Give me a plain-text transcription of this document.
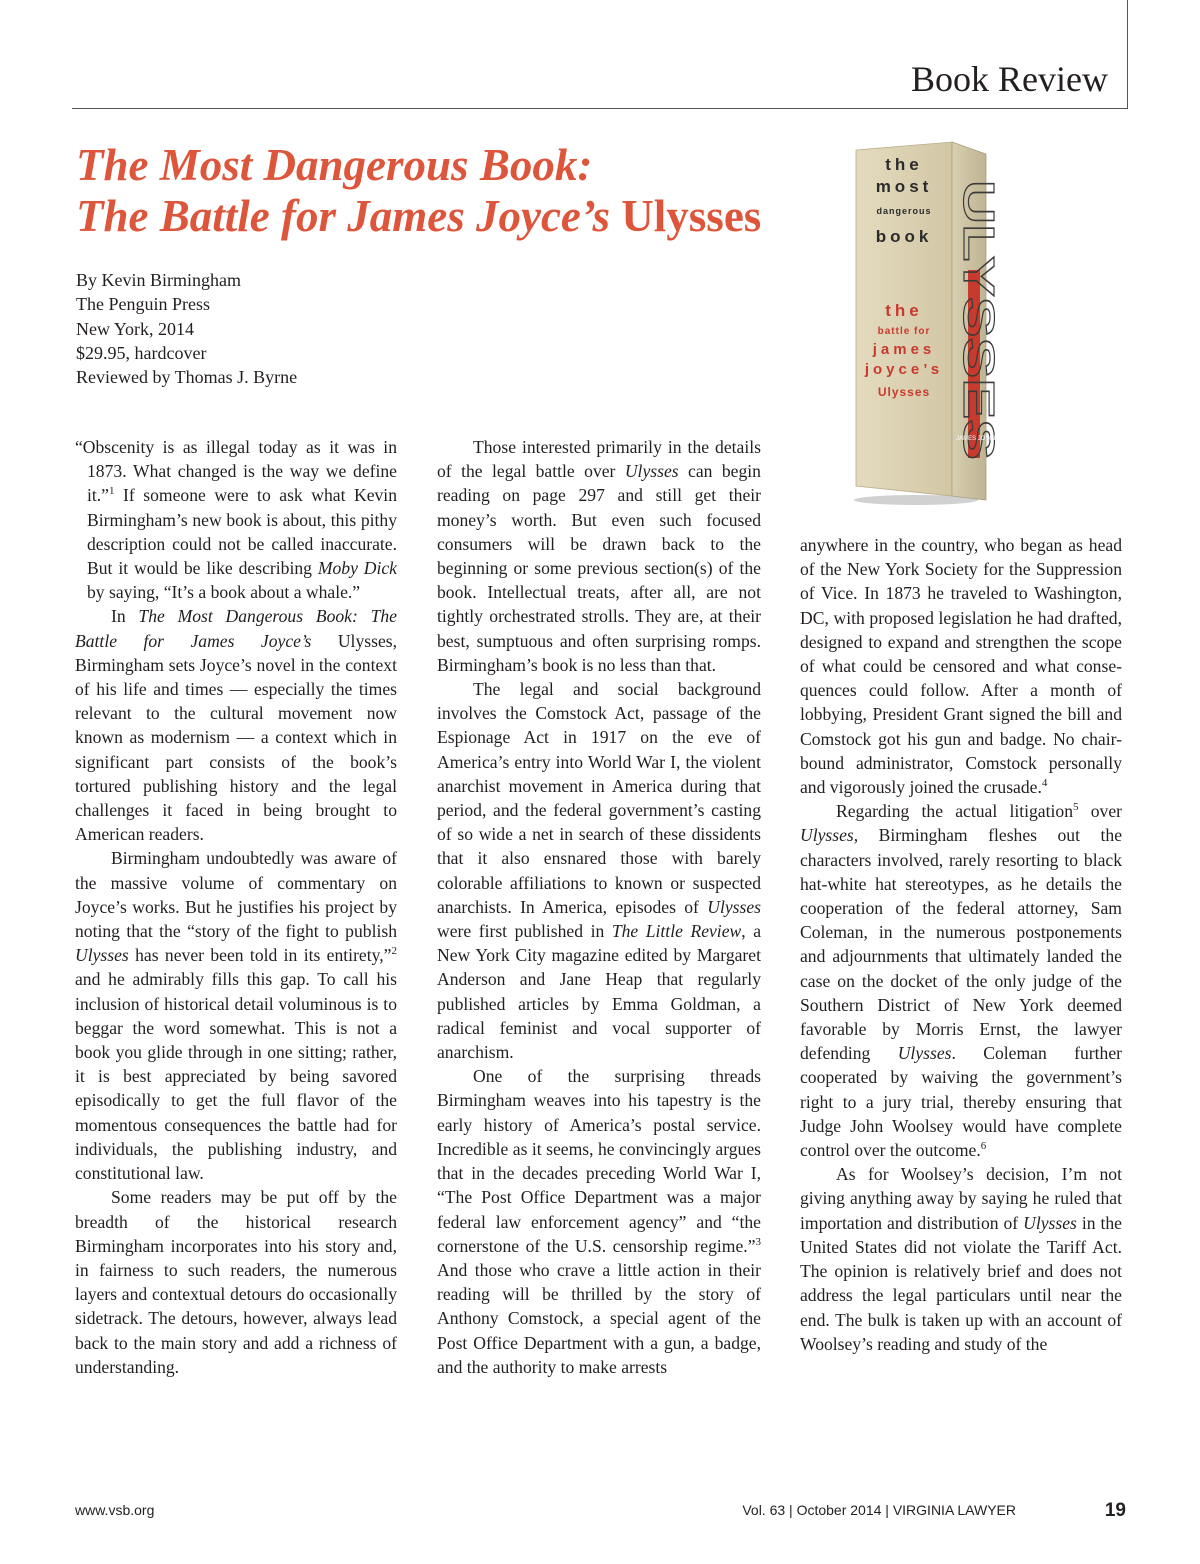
Book Review
The Most Dangerous Book:
The Battle for James Joyce’s Ulysses
By Kevin Birmingham
The Penguin Press
New York, 2014
$29.95, hardcover
Reviewed by Thomas J. Byrne	ULYSSES
JAMES JOYCE
the
most
dangerous
book
the
battle for
james
joyce’s
Ulysses

“Obscenity is as illegal today as it was in 1873. What changed is the way we define it.”$^1$ If someone were to ask what Kevin Birmingham’s new book is about, this pithy description could not be called inaccurate. But it would be like describing Moby Dick by saying, “It’s a book about a whale.”

In The Most Dangerous Book: The Battle for James Joyce’s Ulysses, Birmingham sets Joyce’s novel in the context of his life and times — especially the times relevant to the cultural movement now known as modernism — a context which in significant part consists of the book’s tortured publishing history and the legal challenges it faced in being brought to American readers.

Birmingham undoubtedly was aware of the massive volume of commentary on Joyce’s works. But he justifies his project by noting that the “story of the fight to publish Ulysses has never been told in its entirety,”$^2$ and he admirably fills this gap. To call his inclusion of historical detail voluminous is to beggar the word somewhat. This is not a book you glide through in one sitting; rather, it is best appreciated by being savored episodically to get the full flavor of the momentous consequences the battle had for individuals, the publishing industry, and constitutional law.

Some readers may be put off by the breadth of the historical research Birmingham incorporates into his story and, in fairness to such readers, the numerous layers and contextual detours do occasionally sidetrack. The detours, however, always lead back to the main story and add a richness of understanding.

Those interested primarily in the details of the legal battle over Ulysses can begin reading on page 297 and still get their money’s worth. But even such focused consumers will be drawn back to the beginning or some previous section(s) of the book. Intellectual treats, after all, are not tightly orchestrated strolls. They are, at their best, sumptuous and often surprising romps. Birmingham’s book is no less than that.

The legal and social background involves the Comstock Act, passage of the Espionage Act in 1917 on the eve of America’s entry into World War I, the violent anarchist movement in America during that period, and the federal government’s casting of so wide a net in search of these dissidents that it also ensnared those with barely colorable affiliations to known or suspected anarchists. In America, episodes of Ulysses were first published in The Little Review, a New York City magazine edited by Margaret Anderson and Jane Heap that regularly published articles by Emma Goldman, a radical feminist and vocal supporter of anarchism.

One of the surprising threads Birmingham weaves into his tapestry is the early history of America’s postal service. Incredible as it seems, he convincingly argues that in the decades preceding World War I, “The Post Office Department was a major federal law enforcement agency” and “the cornerstone of the U.S. censorship regime.”$^3$ And those who crave a little action in their reading will be thrilled by the story of Anthony Comstock, a special agent of the Post Office Department with a gun, a badge, and the authority to make arrests

anywhere in the country, who began as head of the New York Society for the Suppression of Vice. In 1873 he traveled to Washington, DC, with proposed legislation he had drafted, designed to expand and strengthen the scope of what could be censored and what consequences could follow. After a month of lobbying, President Grant signed the bill and Comstock got his gun and badge. No chair-bound administrator, Comstock personally and vigorously joined the crusade.$^4$

Regarding the actual litigation$^5$ over Ulysses, Birmingham fleshes out the characters involved, rarely resorting to black hat-white hat stereotypes, as he details the cooperation of the federal attorney, Sam Coleman, in the numerous postponements and adjournments that ultimately landed the case on the docket of the only judge of the Southern District of New York deemed favorable by Morris Ernst, the lawyer defending Ulysses. Coleman further cooperated by waiving the government’s right to a jury trial, thereby ensuring that Judge John Woolsey would have complete control over the outcome.$^6$

As for Woolsey’s decision, I’m not giving anything away by saying he ruled that importation and distribution of Ulysses in the United States did not violate the Tariff Act. The opinion is relatively brief and does not address the legal particulars until near the end. The bulk is taken up with an account of Woolsey’s reading and study of the

www.vsb.org	Vol. 63 | October 2014 | VIRGINIA LAWYER	19
